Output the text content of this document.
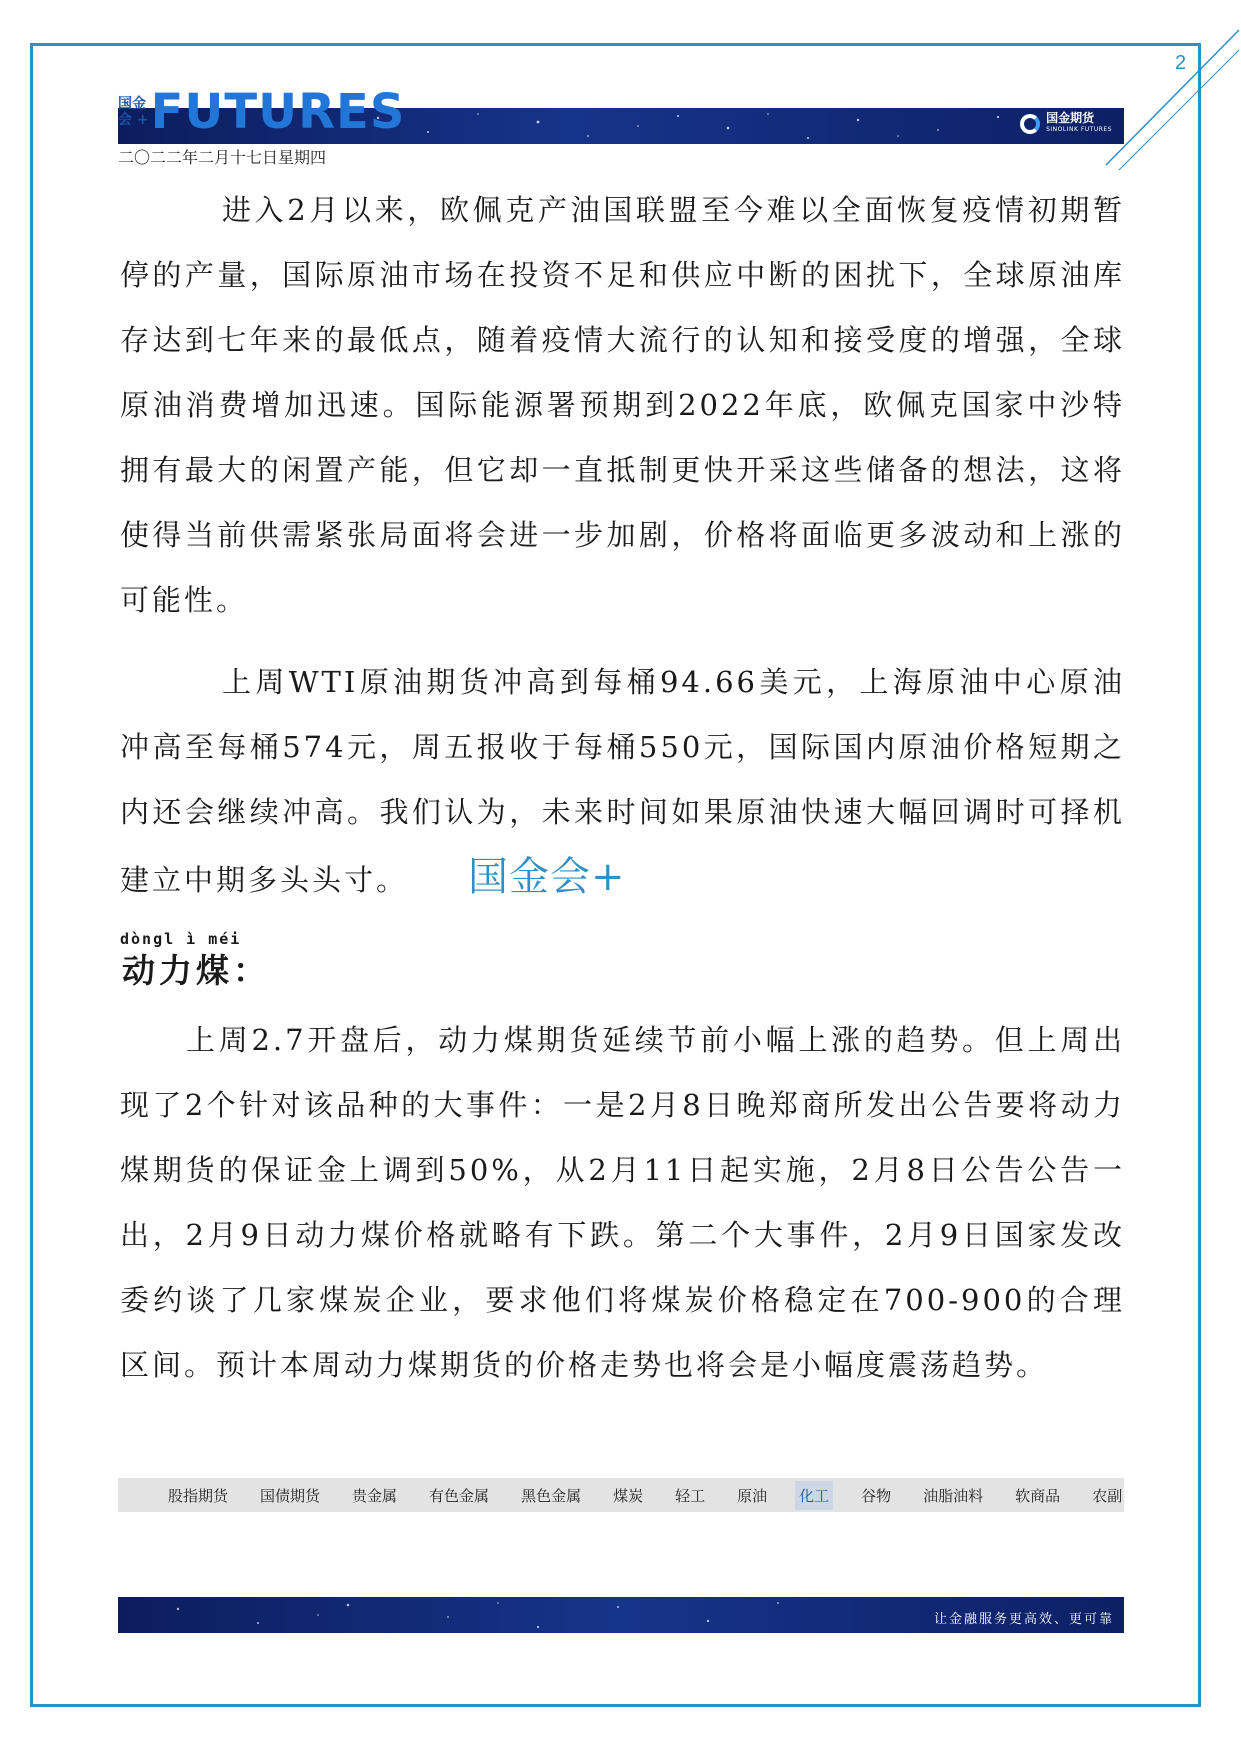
2
国金期货
SINOLINK FUTURES
国金
会 + FUTURES
二〇二二年二月十七日星期四

进入2月以来，欧佩克产油国联盟至今难以全面恢复疫情初期暂停的产量，国际原油市场在投资不足和供应中断的困扰下，全球原油库存达到七年来的最低点，随着疫情大流行的认知和接受度的增强，全球原油消费增加迅速。国际能源署预期到2022年底，欧佩克国家中沙特拥有最大的闲置产能，但它却一直抵制更快开采这些储备的想法，这将使得当前供需紧张局面将会进一步加剧，价格将面临更多波动和上涨的可能性。

上周WTI原油期货冲高到每桶94.66美元，上海原油中心原油冲高至每桶574元，周五报收于每桶550元，国际国内原油价格短期之内还会继续冲高。我们认为，未来时间如果原油快速大幅回调时可择机建立中期多头头寸。 国金会+

dòngl ì méi
动力煤：

上周2.7开盘后，动力煤期货延续节前小幅上涨的趋势。但上周出现了2个针对该品种的大事件：一是2月8日晚郑商所发出公告要将动力煤期货的保证金上调到50%，从2月11日起实施，2月8日公告公告一出，2月9日动力煤价格就略有下跌。第二个大事件，2月9日国家发改委约谈了几家煤炭企业，要求他们将煤炭价格稳定在700-900的合理区间。预计本周动力煤期货的价格走势也将会是小幅度震荡趋势。

股指期货 国债期货 贵金属 有色金属 黑色金属 煤炭 轻工 原油 化工 谷物 油脂油料 软商品 农副
让金融服务更高效、更可靠
